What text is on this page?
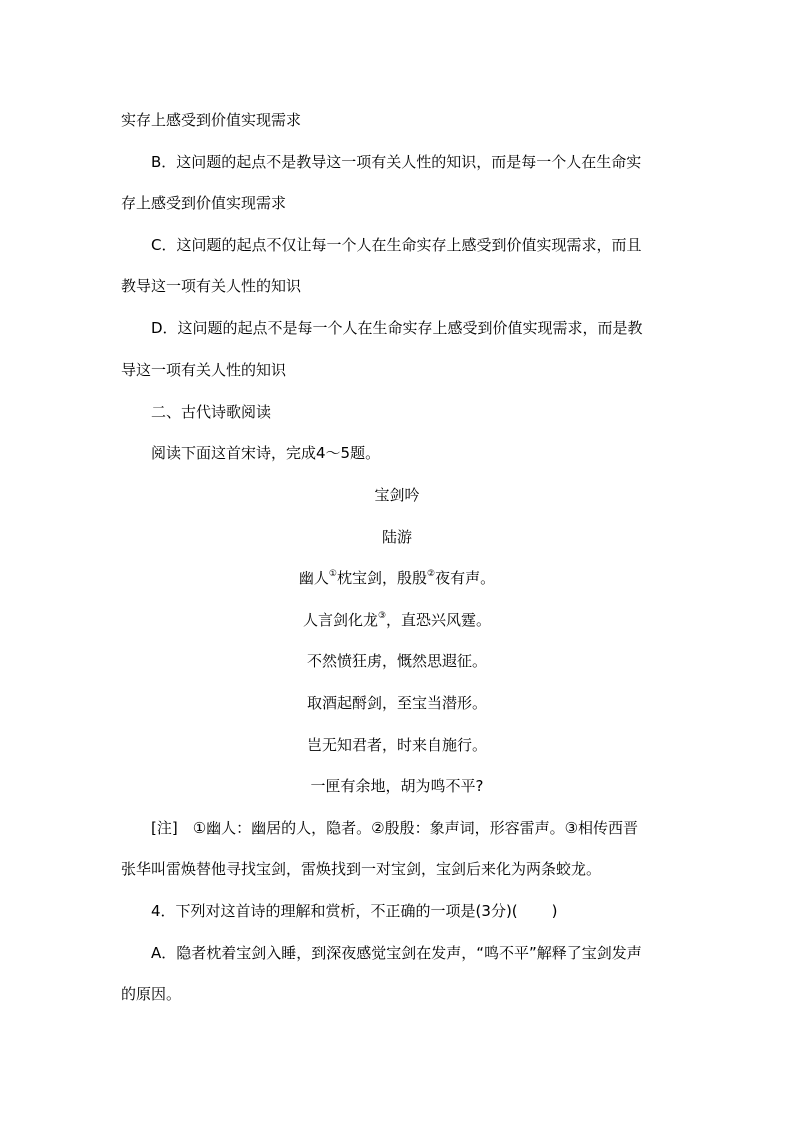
实存上感受到价值实现需求
B．这问题的起点不是教导这一项有关人性的知识，而是每一个人在生命实
存上感受到价值实现需求
C．这问题的起点不仅让每一个人在生命实存上感受到价值实现需求，而且
教导这一项有关人性的知识
D．这问题的起点不是每一个人在生命实存上感受到价值实现需求，而是教
导这一项有关人性的知识
二、古代诗歌阅读
阅读下面这首宋诗，完成4～5题。
宝剑吟
陆游
幽人①枕宝剑，殷殷②夜有声。
人言剑化龙③，直恐兴风霆。
不然愤狂虏，慨然思遐征。
取酒起酹剑，至宝当潜形。
岂无知君者，时来自施行。
一匣有余地，胡为鸣不平?
[注]　①幽人：幽居的人，隐者。②殷殷：象声词，形容雷声。③相传西晋
张华叫雷焕替他寻找宝剑，雷焕找到一对宝剑，宝剑后来化为两条蛟龙。
4．下列对这首诗的理解和赏析，不正确的一项是(3分)( )
A．隐者枕着宝剑入睡，到深夜感觉宝剑在发声，“鸣不平”解释了宝剑发声
的原因。
